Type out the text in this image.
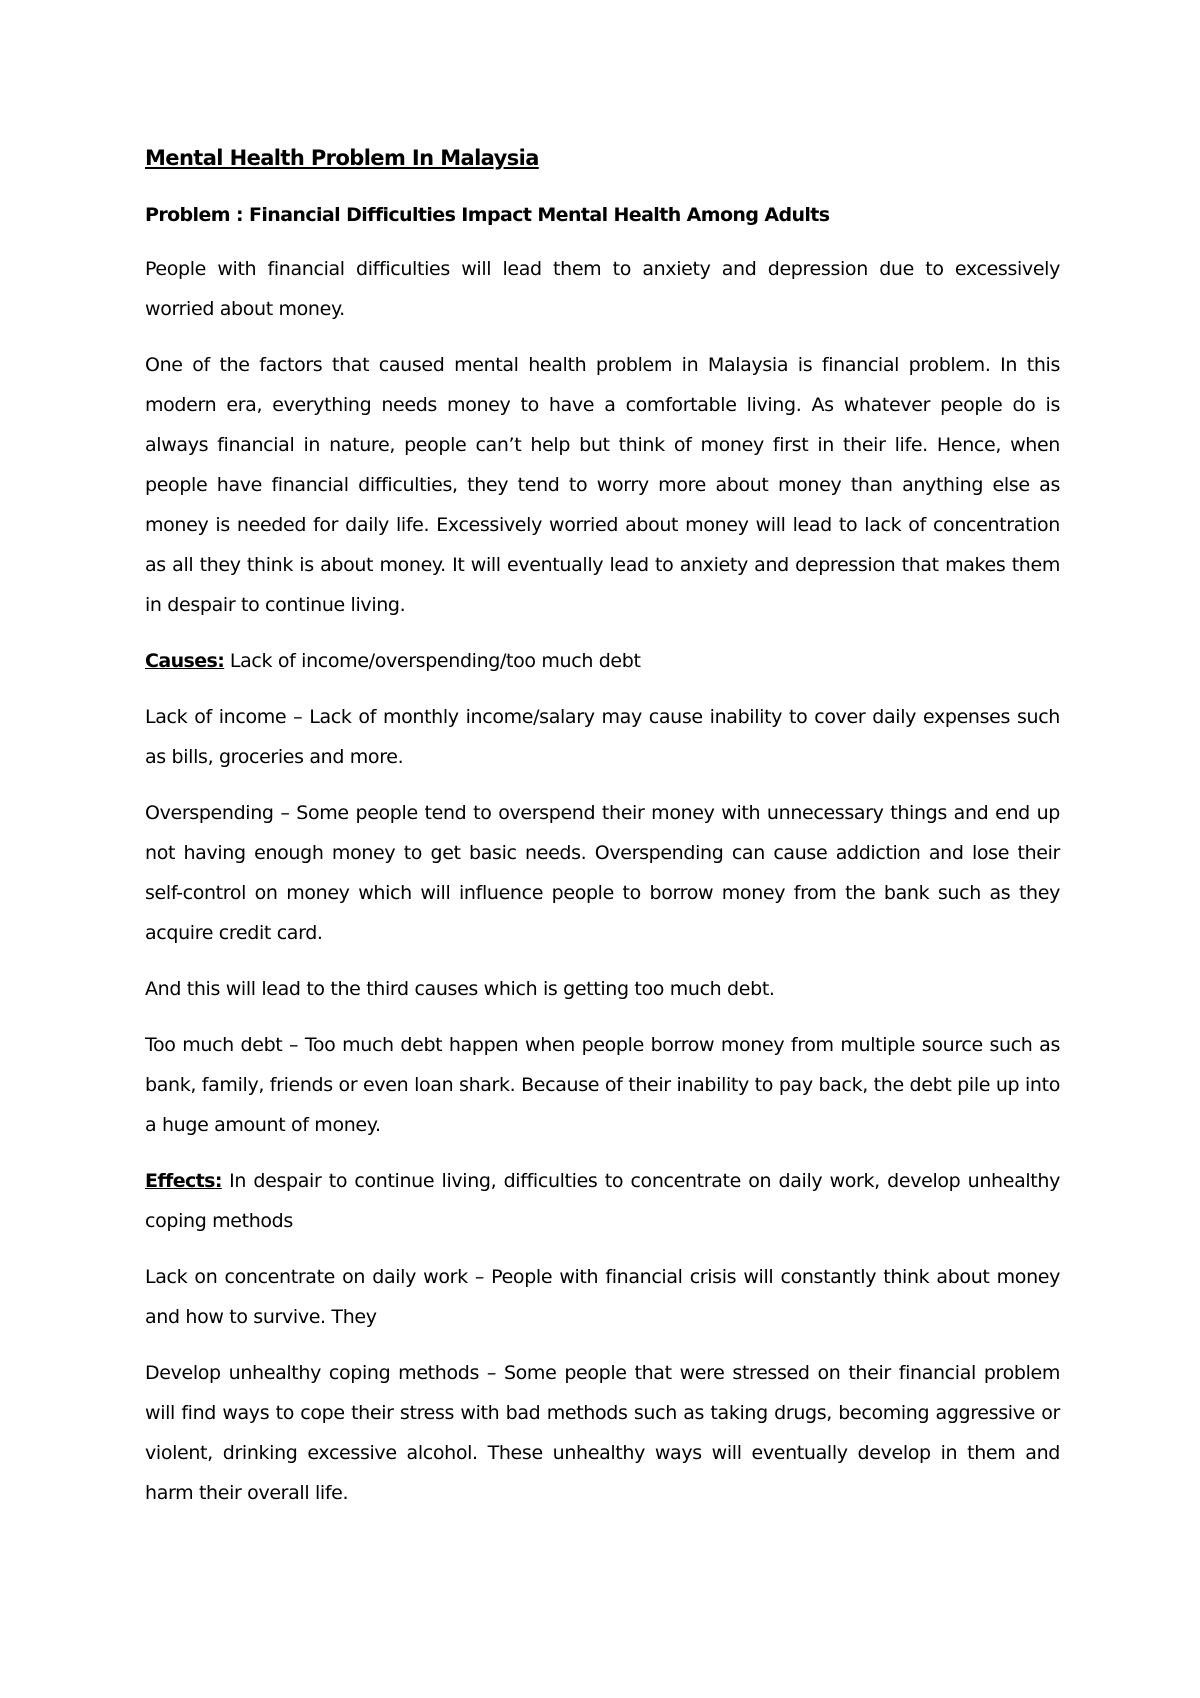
Mental Health Problem In Malaysia
Problem : Financial Difficulties Impact Mental Health Among Adults

People with financial difficulties will lead them to anxiety and depression due to excessively worried about money.

One of the factors that caused mental health problem in Malaysia is financial problem. In this modern era, everything needs money to have a comfortable living. As whatever people do is always financial in nature, people can’t help but think of money first in their life. Hence, when people have financial difficulties, they tend to worry more about money than anything else as money is needed for daily life. Excessively worried about money will lead to lack of concentration as all they think is about money. It will eventually lead to anxiety and depression that makes them in despair to continue living.

Causes: Lack of income/overspending/too much debt

Lack of income – Lack of monthly income/salary may cause inability to cover daily expenses such as bills, groceries and more.

Overspending – Some people tend to overspend their money with unnecessary things and end up not having enough money to get basic needs. Overspending can cause addiction and lose their self-control on money which will influence people to borrow money from the bank such as they acquire credit card.

And this will lead to the third causes which is getting too much debt.

Too much debt – Too much debt happen when people borrow money from multiple source such as bank, family, friends or even loan shark. Because of their inability to pay back, the debt pile up into a huge amount of money.

Effects: In despair to continue living, difficulties to concentrate on daily work, develop unhealthy coping methods

Lack on concentrate on daily work – People with financial crisis will constantly think about money and how to survive. They

Develop unhealthy coping methods – Some people that were stressed on their financial problem will find ways to cope their stress with bad methods such as taking drugs, becoming aggressive or violent, drinking excessive alcohol. These unhealthy ways will eventually develop in them and harm their overall life.
